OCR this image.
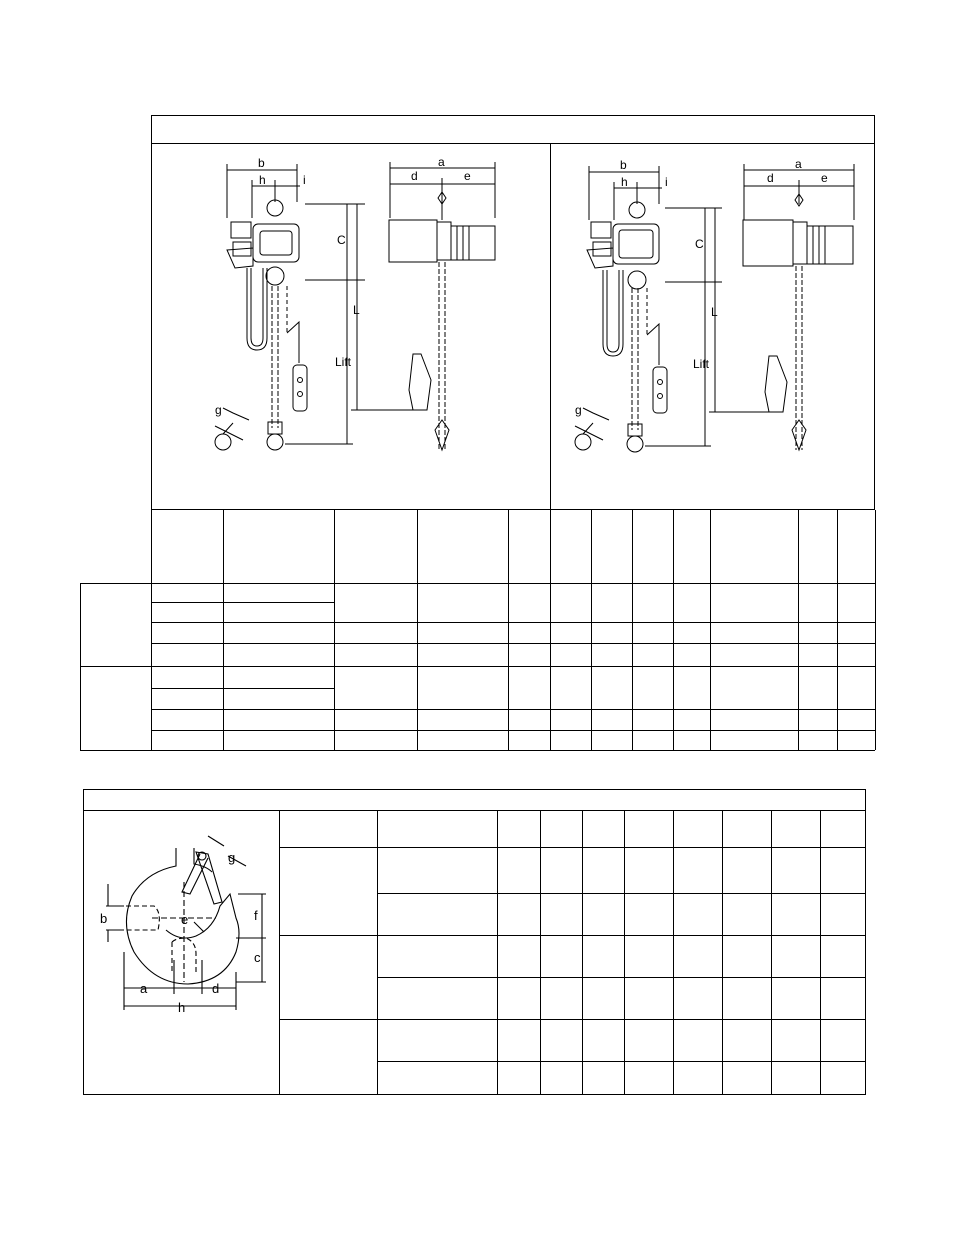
b
h	i
a
d	e
C
L
Lift
g
b
h	i
a
d	e
C
L
Lift
g
g
b	e	f
c
a	d
h
